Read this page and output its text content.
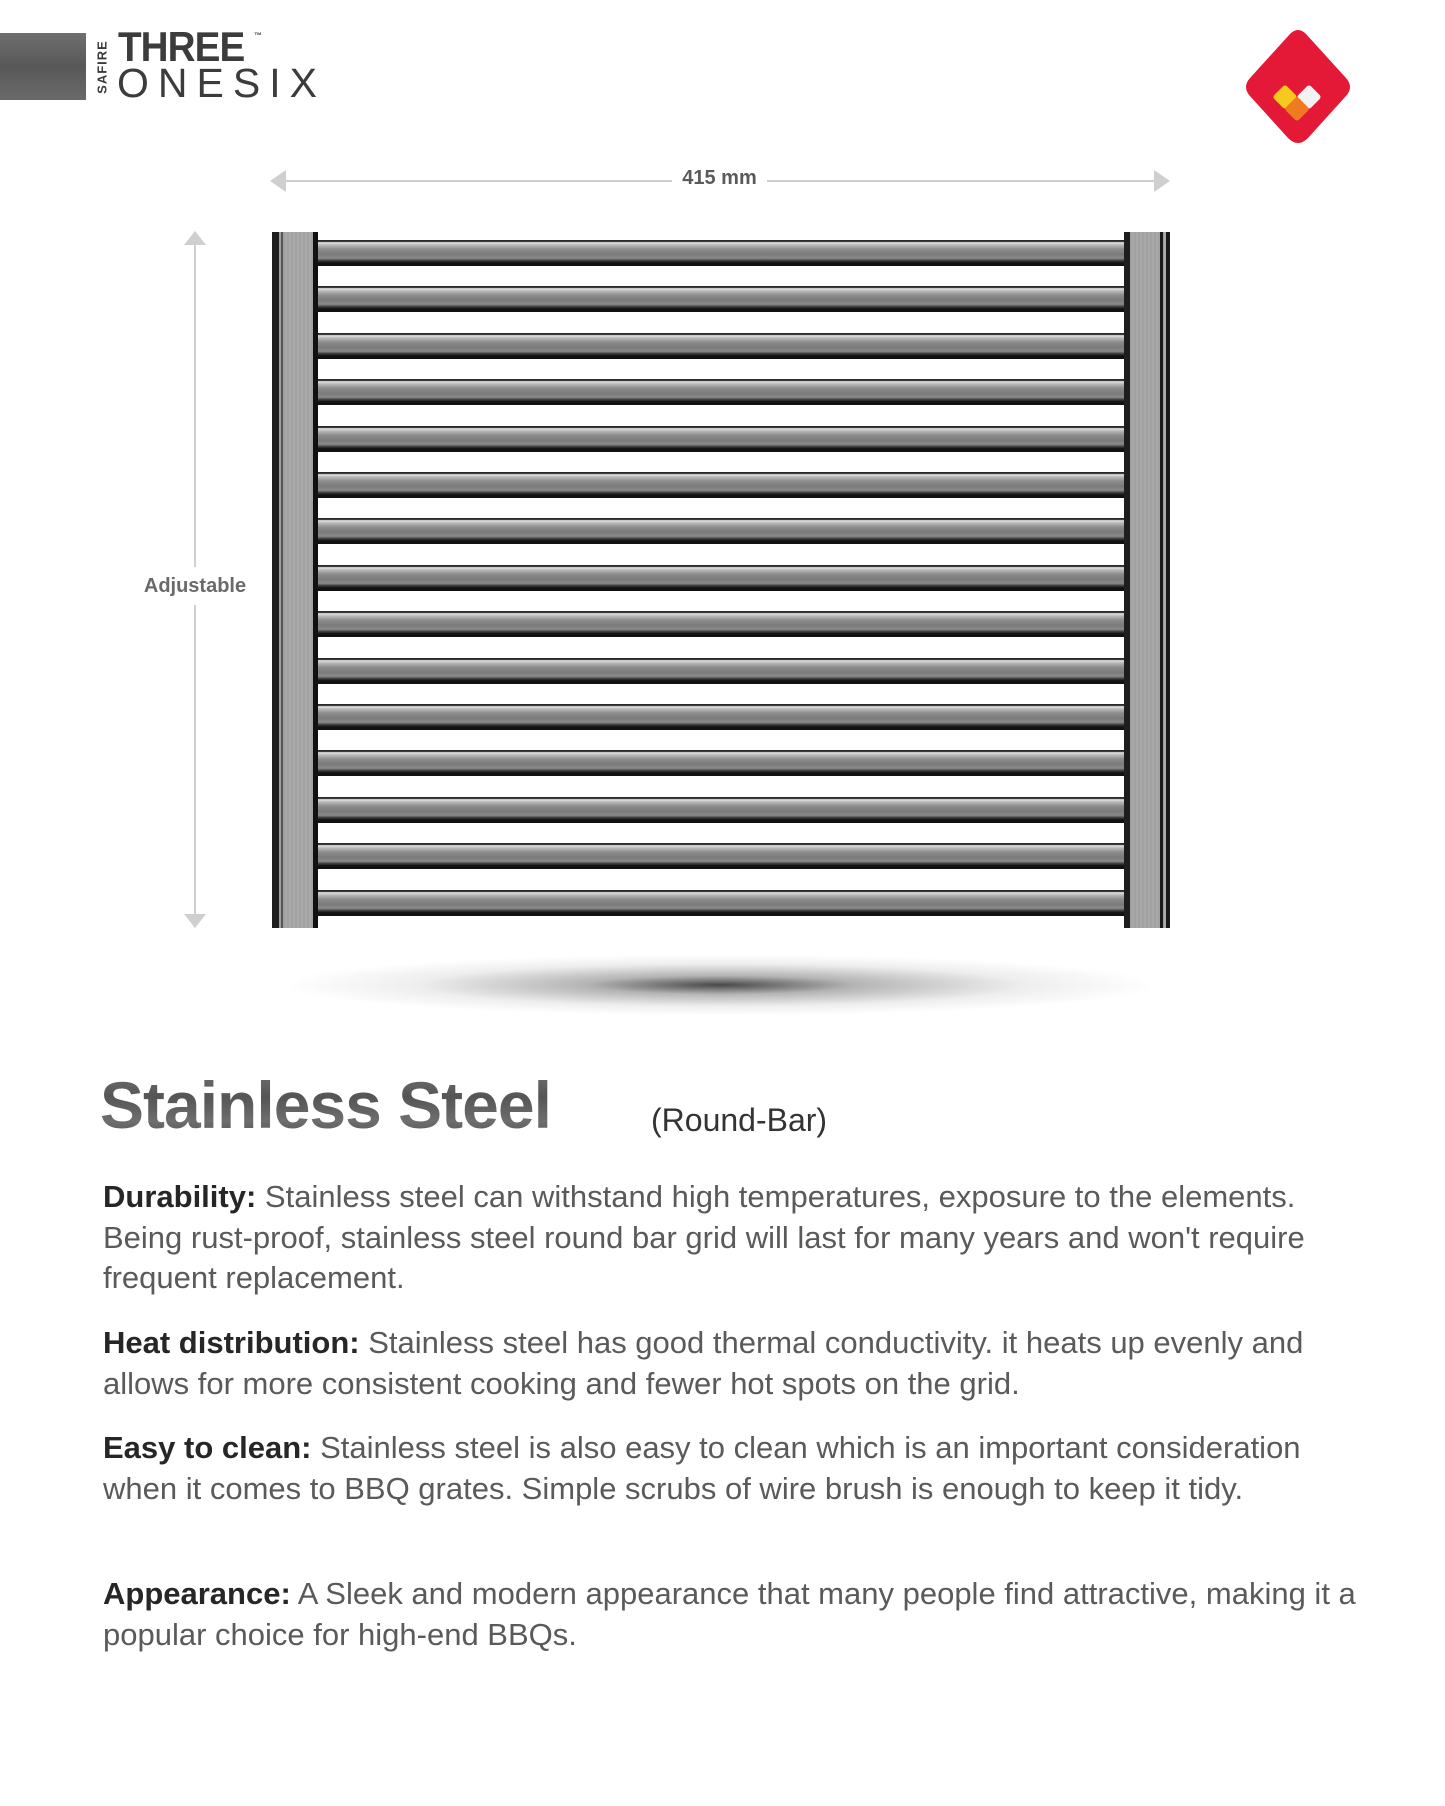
SAFIRE THREE ™
ONESIX
415 mm
Adjustable
Stainless Steel	(Round-Bar)
Durability: Stainless steel can withstand high temperatures, exposure to the elements. Being rust-proof, stainless steel round bar grid will last for many years and won't require frequent replacement.
Heat distribution: Stainless steel has good thermal conductivity. it heats up evenly and allows for more consistent cooking and fewer hot spots on the grid.
Easy to clean: Stainless steel is also easy to clean which is an important consideration when it comes to BBQ grates. Simple scrubs of wire brush is enough to keep it tidy.
Appearance: A Sleek and modern appearance that many people find attractive, making it a popular choice for high-end BBQs.
